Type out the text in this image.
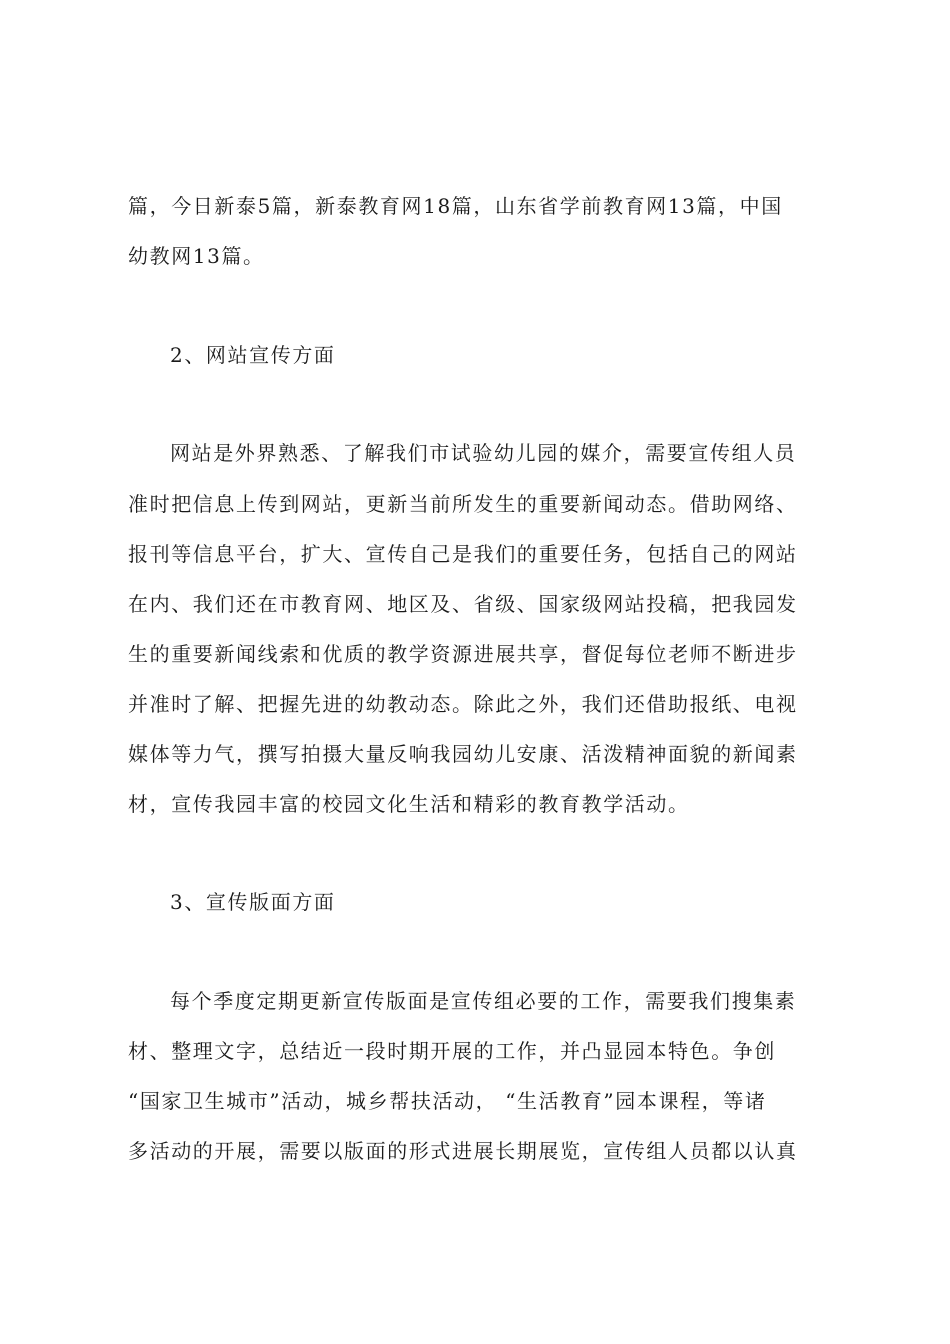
篇，今日新泰5篇，新泰教育网18篇，山东省学前教育网13篇，中国
幼教网13篇。
2、网站宣传方面
网站是外界熟悉、了解我们市试验幼儿园的媒介，需要宣传组人员
准时把信息上传到网站，更新当前所发生的重要新闻动态。借助网络、
报刊等信息平台，扩大、宣传自己是我们的重要任务，包括自己的网站
在内、我们还在市教育网、地区及、省级、国家级网站投稿，把我园发
生的重要新闻线索和优质的教学资源进展共享，督促每位老师不断进步
并准时了解、把握先进的幼教动态。除此之外，我们还借助报纸、电视
媒体等力气，撰写拍摄大量反响我园幼儿安康、活泼精神面貌的新闻素
材，宣传我园丰富的校园文化生活和精彩的教育教学活动。
3、宣传版面方面
每个季度定期更新宣传版面是宣传组必要的工作，需要我们搜集素
材、整理文字，总结近一段时期开展的工作，并凸显园本特色。争创
“国家卫生城市”活动，城乡帮扶活动， “生活教育”园本课程，等诸
多活动的开展，需要以版面的形式进展长期展览，宣传组人员都以认真
